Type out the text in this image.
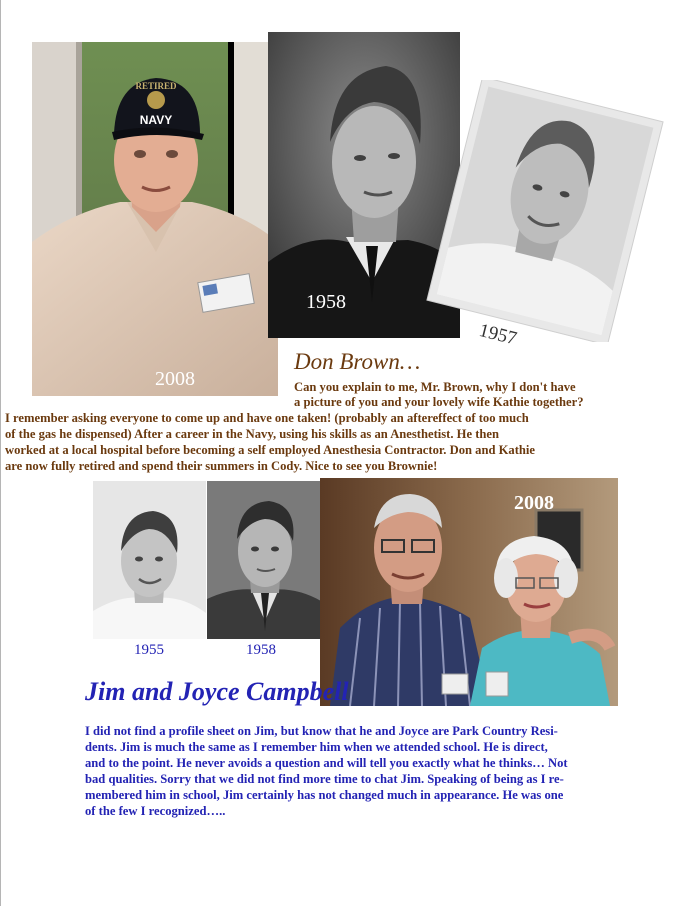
RETIRED
NAVY
2008
1958
1957
Don Brown…
Can you explain to me, Mr. Brown, why I don't have
a picture of you and your lovely wife Kathie together?
I remember asking everyone to come up and have one taken! (probably an aftereffect of too much
of the gas he dispensed) After a career in the Navy, using his skills as an Anesthetist. He then
worked at a local hospital before becoming a self employed Anesthesia Contractor. Don and Kathie
are now fully retired and spend their summers in Cody. Nice to see you Brownie!
1955	1958
2008
Jim and Joyce Campbell
I did not find a profile sheet on Jim, but know that he and Joyce are Park Country Resi-
dents. Jim is much the same as I remember him when we attended school. He is direct,
and to the point. He never avoids a question and will tell you exactly what he thinks… Not
bad qualities. Sorry that we did not find more time to chat Jim. Speaking of being as I re-
membered him in school, Jim certainly has not changed much in appearance. He was one
of the few I recognized…..
